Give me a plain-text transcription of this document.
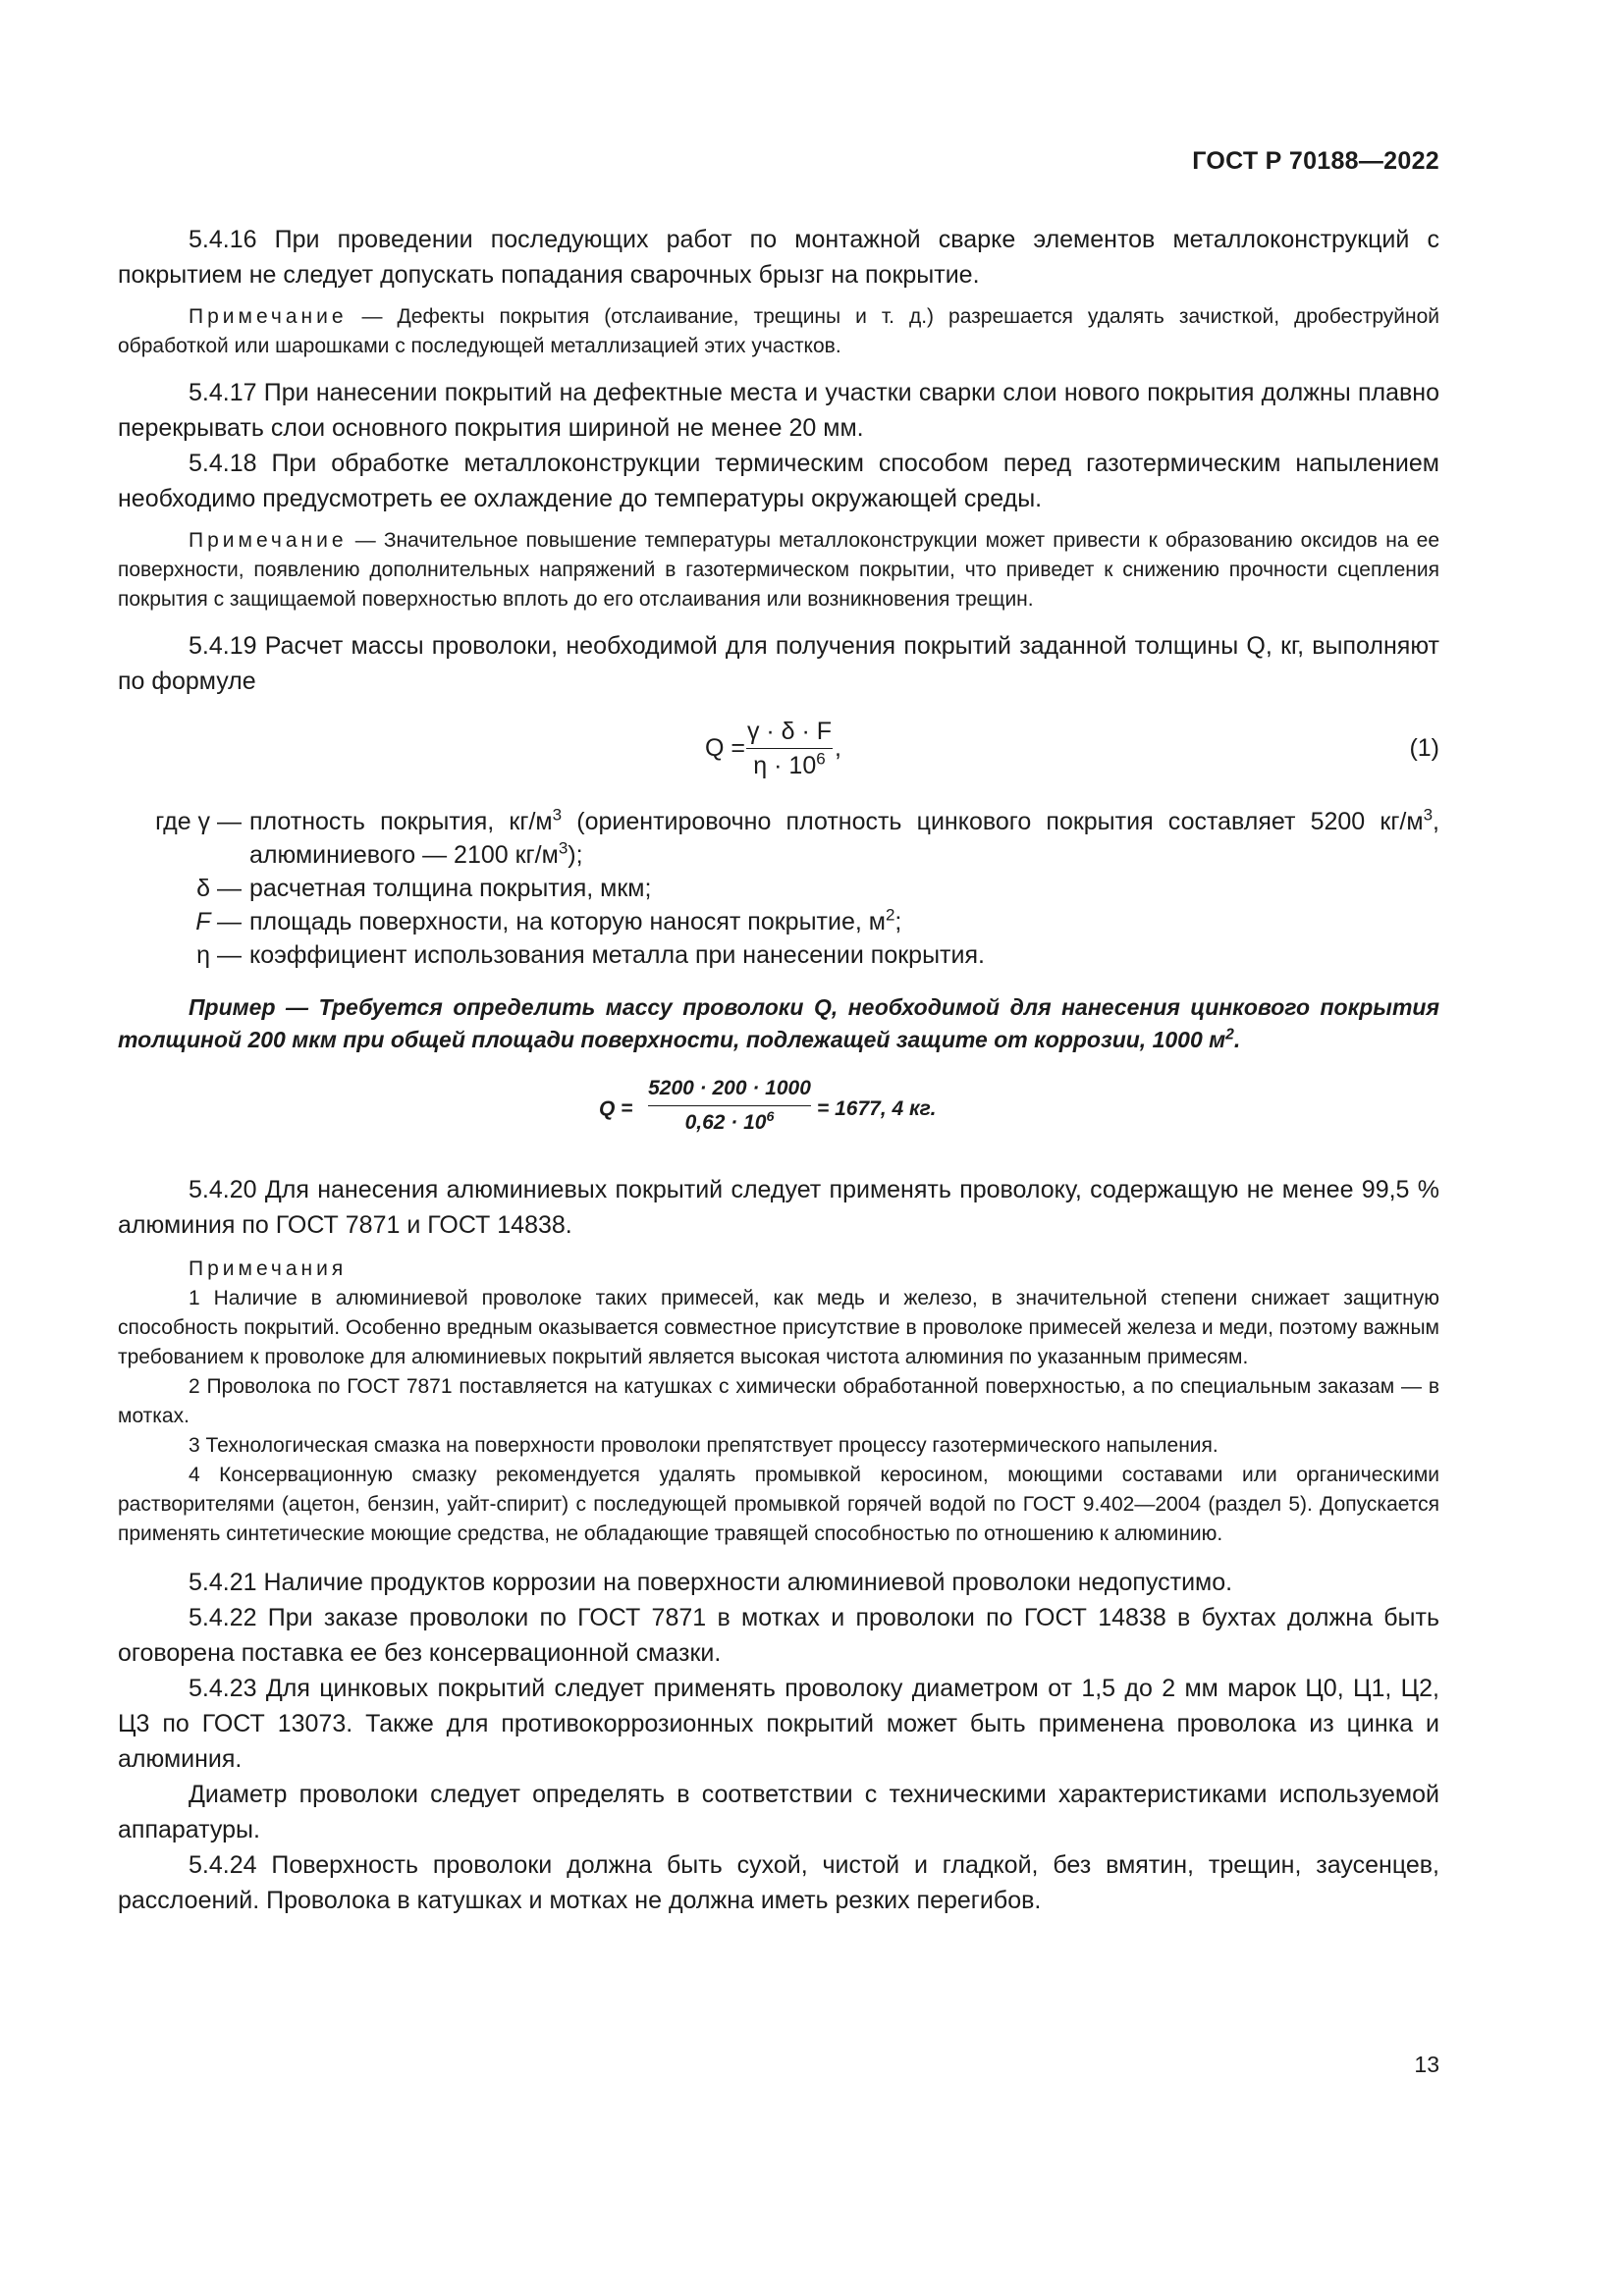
ГОСТ Р 70188—2022

5.4.16 При проведении последующих работ по монтажной сварке элементов металлоконструкций с покрытием не следует допускать попадания сварочных брызг на покрытие.

Примечание — Дефекты покрытия (отслаивание, трещины и т. д.) разрешается удалять зачисткой, дробеструйной обработкой или шарошками с последующей металлизацией этих участков.

5.4.17 При нанесении покрытий на дефектные места и участки сварки слои нового покрытия должны плавно перекрывать слои основного покрытия шириной не менее 20 мм.

5.4.18 При обработке металлоконструкции термическим способом перед газотермическим напылением необходимо предусмотреть ее охлаждение до температуры окружающей среды.

Примечание — Значительное повышение температуры металлоконструкции может привести к образованию оксидов на ее поверхности, появлению дополнительных напряжений в газотермическом покрытии, что приведет к снижению прочности сцепления покрытия с защищаемой поверхностью вплоть до его отслаивания или возникновения трещин.

5.4.19 Расчет массы проволоки, необходимой для получения покрытий заданной толщины Q, кг, выполняют по формуле

$Q = \frac{\gamma \cdot \delta \cdot F}{\eta \cdot 10^6}$ ,	(1)
где γ — плотность покрытия, $кг/м^3$ (ориентировочно плотность цинкового покрытия составляет 5200 $кг/м^3$, алюминиевого — 2100 $кг/м^3$);
δ — расчетная толщина покрытия, мкм;
F — площадь поверхности, на которую наносят покрытие, $м^2$;
η — коэффициент использования металла при нанесении покрытия.

Пример — Требуется определить массу проволоки Q, необходимой для нанесения цинкового покрытия толщиной 200 мкм при общей площади поверхности, подлежащей защите от коррозии, 1000 $м^2$.

$Q = \frac{5200 \cdot 200 \cdot 1000}{0,62 \cdot 10^6} = 1677$, 4 кг.

5.4.20 Для нанесения алюминиевых покрытий следует применять проволоку, содержащую не менее 99,5 % алюминия по ГОСТ 7871 и ГОСТ 14838.

Примечания

1 Наличие в алюминиевой проволоке таких примесей, как медь и железо, в значительной степени снижает защитную способность покрытий. Особенно вредным оказывается совместное присутствие в проволоке примесей железа и меди, поэтому важным требованием к проволоке для алюминиевых покрытий является высокая чистота алюминия по указанным примесям.

2 Проволока по ГОСТ 7871 поставляется на катушках с химически обработанной поверхностью, а по специальным заказам — в мотках.

3 Технологическая смазка на поверхности проволоки препятствует процессу газотермического напыления.

4 Консервационную смазку рекомендуется удалять промывкой керосином, моющими составами или органическими растворителями (ацетон, бензин, уайт-спирит) с последующей промывкой горячей водой по ГОСТ 9.402—2004 (раздел 5). Допускается применять синтетические моющие средства, не обладающие травящей способностью по отношению к алюминию.

5.4.21 Наличие продуктов коррозии на поверхности алюминиевой проволоки недопустимо.

5.4.22 При заказе проволоки по ГОСТ 7871 в мотках и проволоки по ГОСТ 14838 в бухтах должна быть оговорена поставка ее без консервационной смазки.

5.4.23 Для цинковых покрытий следует применять проволоку диаметром от 1,5 до 2 мм марок Ц0, Ц1, Ц2, Ц3 по ГОСТ 13073. Также для противокоррозионных покрытий может быть применена проволока из цинка и алюминия.

Диаметр проволоки следует определять в соответствии с техническими характеристиками используемой аппаратуры.

5.4.24 Поверхность проволоки должна быть сухой, чистой и гладкой, без вмятин, трещин, заусенцев, расслоений. Проволока в катушках и мотках не должна иметь резких перегибов.

13
